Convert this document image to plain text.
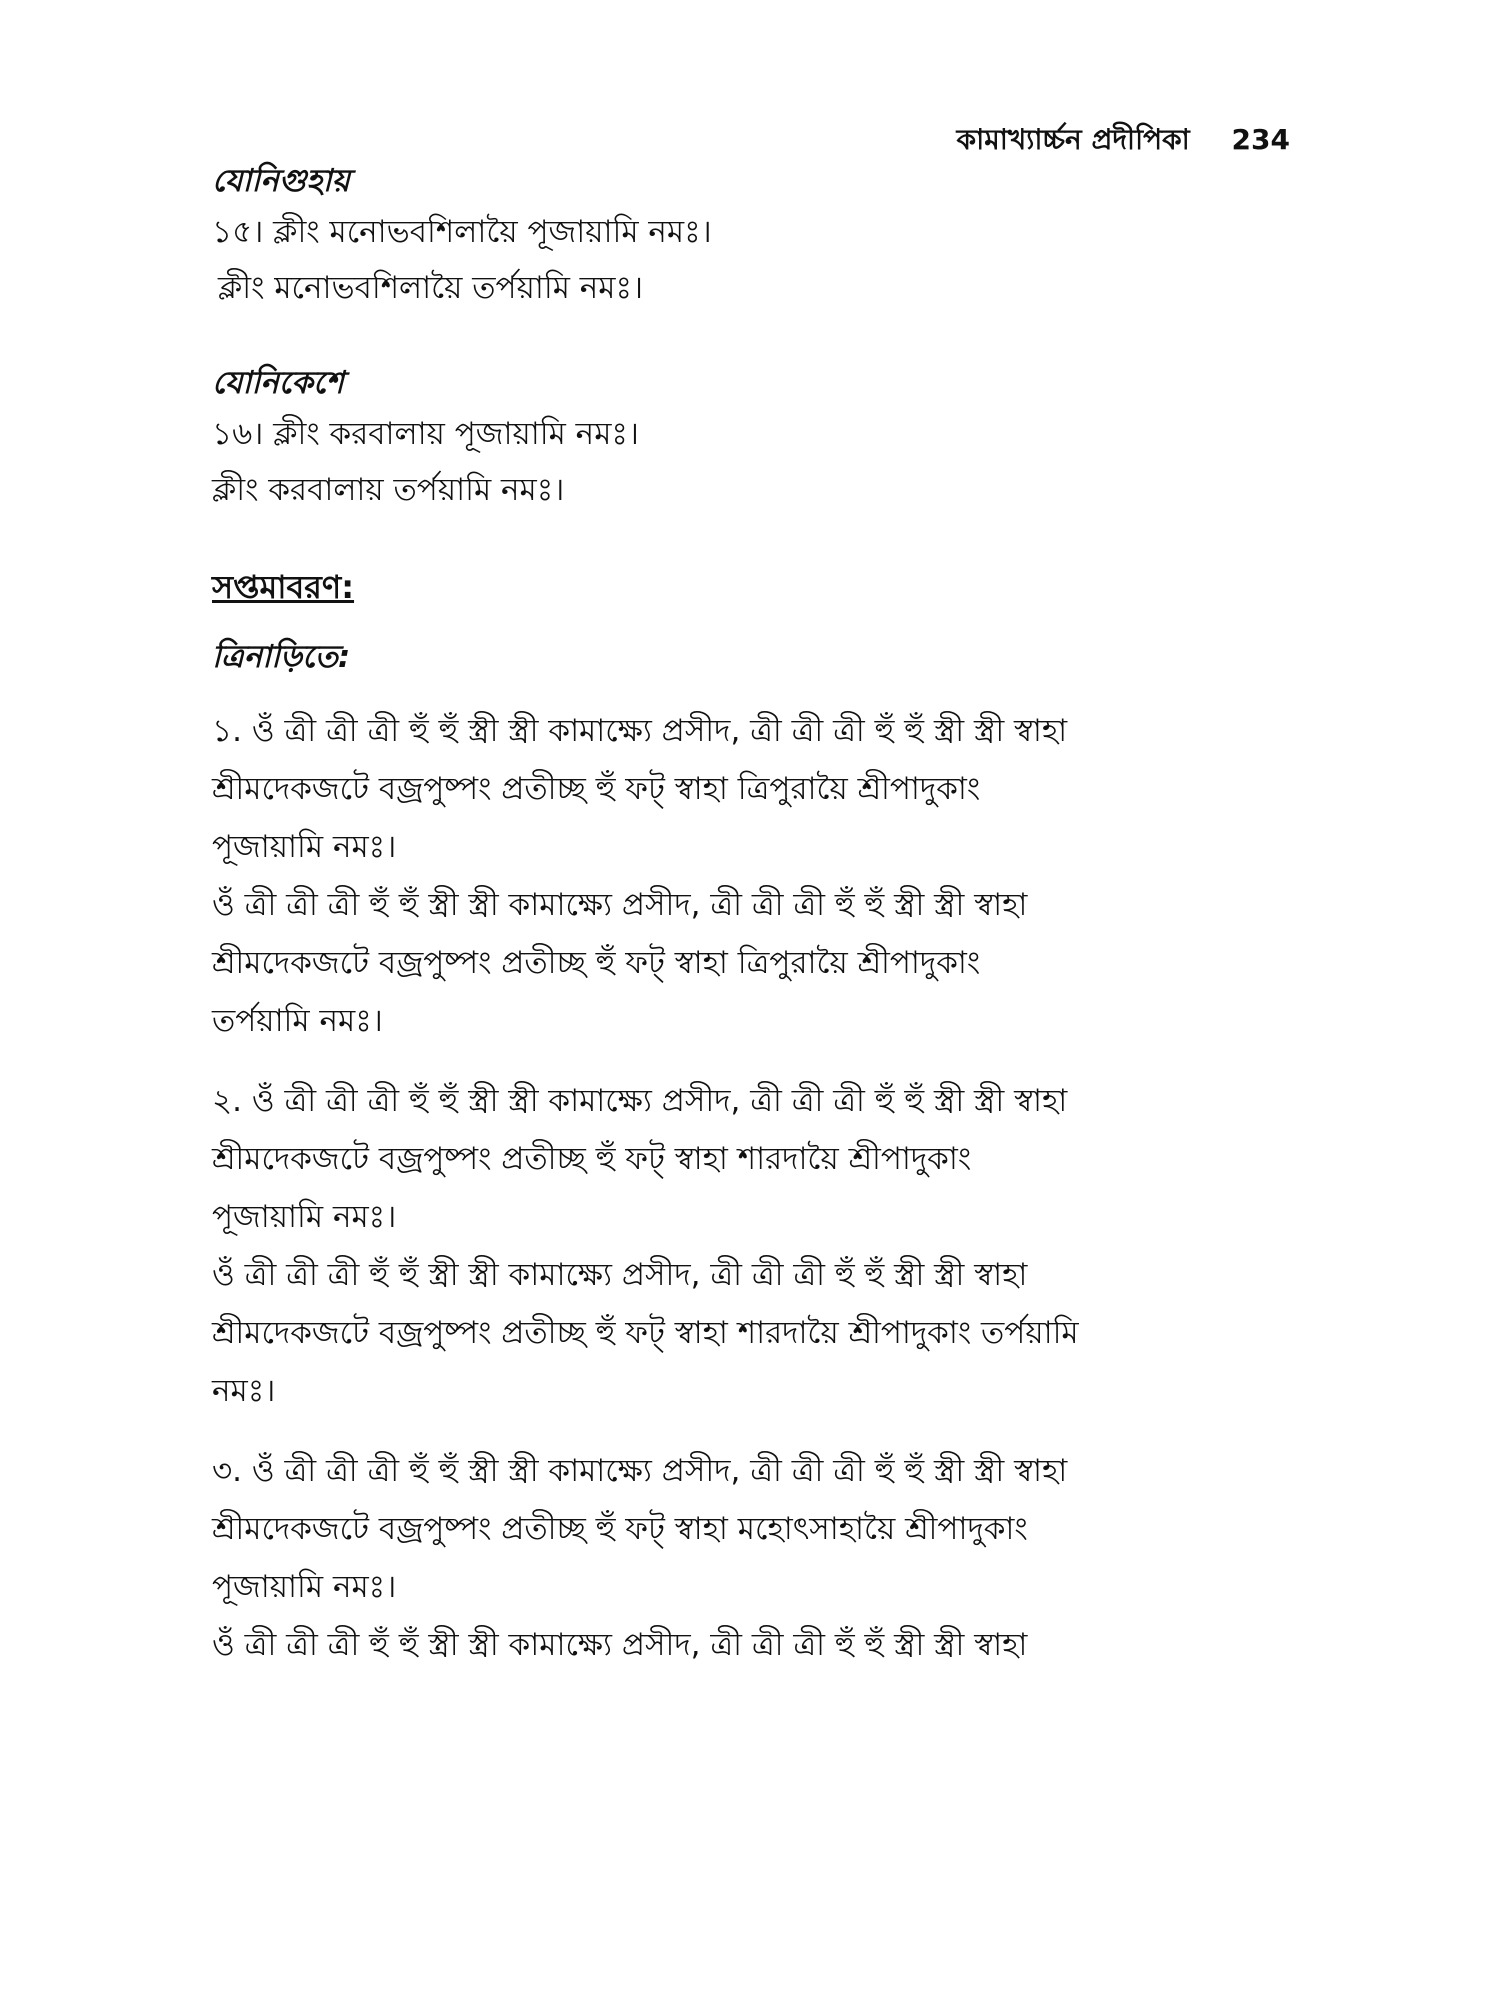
কামাখ্যার্চ্চন প্রদীপিকা 234

যোনিগুহায়

১৫। ক্লীং মনোভবশিলায়ৈ পূজায়ামি নমঃ।

ক্লীং মনোভবশিলায়ৈ তর্পয়ামি নমঃ।

যোনিকেশে

১৬। ক্লীং করবালায় পূজায়ামি নমঃ।

ক্লীং করবালায় তর্পয়ামি নমঃ।

সপ্তমাবরণ:

ত্রিনাড়িতে:

১. ওঁ ত্রী ত্রী ত্রী হুঁ হুঁ স্ত্রী স্ত্রী কামাক্ষ্যে প্রসীদ, ত্রী ত্রী ত্রী হুঁ হুঁ স্ত্রী স্ত্রী স্বাহা

শ্রীমদেকজটে বজ্রপুষ্পং প্রতীচ্ছ হুঁ ফট্ স্বাহা ত্রিপুরায়ৈ শ্রীপাদুকাং

পূজায়ামি নমঃ।

ওঁ ত্রী ত্রী ত্রী হুঁ হুঁ স্ত্রী স্ত্রী কামাক্ষ্যে প্রসীদ, ত্রী ত্রী ত্রী হুঁ হুঁ স্ত্রী স্ত্রী স্বাহা

শ্রীমদেকজটে বজ্রপুষ্পং প্রতীচ্ছ হুঁ ফট্ স্বাহা ত্রিপুরায়ৈ শ্রীপাদুকাং

তর্পয়ামি নমঃ।

২. ওঁ ত্রী ত্রী ত্রী হুঁ হুঁ স্ত্রী স্ত্রী কামাক্ষ্যে প্রসীদ, ত্রী ত্রী ত্রী হুঁ হুঁ স্ত্রী স্ত্রী স্বাহা

শ্রীমদেকজটে বজ্রপুষ্পং প্রতীচ্ছ হুঁ ফট্ স্বাহা শারদায়ৈ শ্রীপাদুকাং

পূজায়ামি নমঃ।

ওঁ ত্রী ত্রী ত্রী হুঁ হুঁ স্ত্রী স্ত্রী কামাক্ষ্যে প্রসীদ, ত্রী ত্রী ত্রী হুঁ হুঁ স্ত্রী স্ত্রী স্বাহা

শ্রীমদেকজটে বজ্রপুষ্পং প্রতীচ্ছ হুঁ ফট্ স্বাহা শারদায়ৈ শ্রীপাদুকাং তর্পয়ামি

নমঃ।

৩. ওঁ ত্রী ত্রী ত্রী হুঁ হুঁ স্ত্রী স্ত্রী কামাক্ষ্যে প্রসীদ, ত্রী ত্রী ত্রী হুঁ হুঁ স্ত্রী স্ত্রী স্বাহা

শ্রীমদেকজটে বজ্রপুষ্পং প্রতীচ্ছ হুঁ ফট্ স্বাহা মহোৎসাহায়ৈ শ্রীপাদুকাং

পূজায়ামি নমঃ।

ওঁ ত্রী ত্রী ত্রী হুঁ হুঁ স্ত্রী স্ত্রী কামাক্ষ্যে প্রসীদ, ত্রী ত্রী ত্রী হুঁ হুঁ স্ত্রী স্ত্রী স্বাহা
